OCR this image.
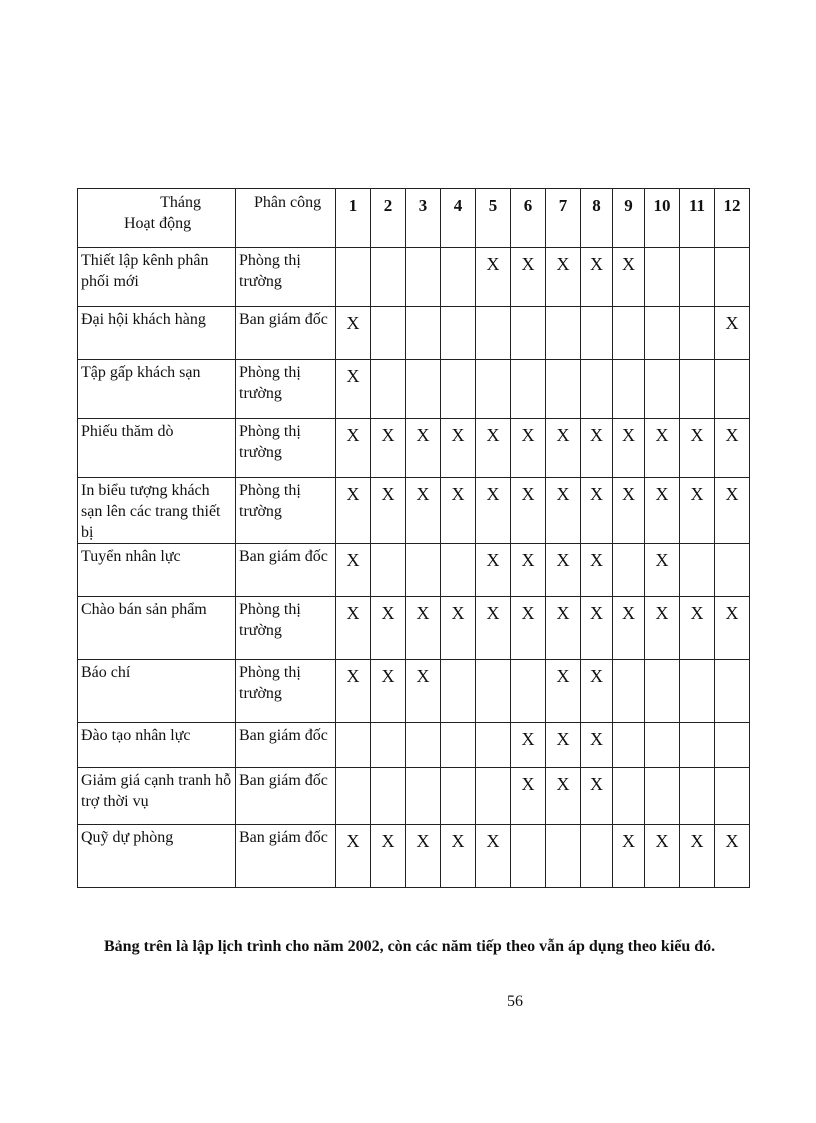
Tháng
Hoạt động	Phân công	1	2	3	4	5	6	7	8	9	10	11	12
Thiết lập kênh phân phối mới	Phòng thị trường					X	X	X	X	X			
Đại hội khách hàng	Ban giám đốc	X											X
Tập gấp khách sạn	Phòng thị trường	X											
Phiếu thăm dò	Phòng thị trường	X	X	X	X	X	X	X	X	X	X	X	X
In biểu tượng khách sạn lên các trang thiết bị	Phòng thị trường	X	X	X	X	X	X	X	X	X	X	X	X
Tuyển nhân lực	Ban giám đốc	X				X	X	X	X		X		
Chào bán sản phẩm	Phòng thị trường	X	X	X	X	X	X	X	X	X	X	X	X
Báo chí	Phòng thị trường	X	X	X				X	X				
Đào tạo nhân lực	Ban giám đốc						X	X	X				
Giảm giá cạnh tranh hỗ trợ thời vụ	Ban giám đốc						X	X	X				
Quỹ dự phòng	Ban giám đốc	X	X	X	X	X				X	X	X	X
Bảng trên là lập lịch trình cho năm 2002, còn các năm tiếp theo vẫn áp dụng theo kiểu đó.
56
